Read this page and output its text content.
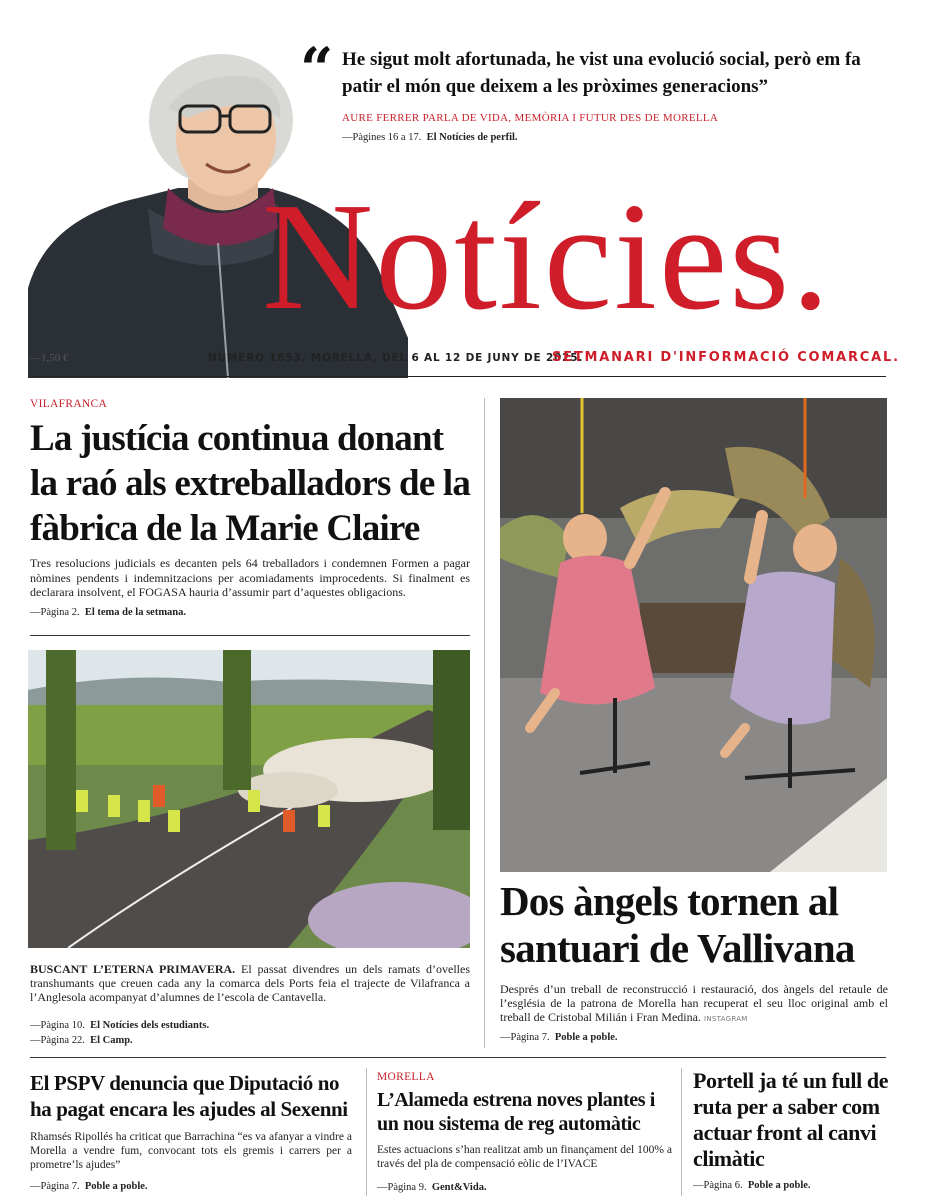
“ He sigut molt afortunada, he vist una evolució social, però em fa patir el món que deixem a les pròximes generacions”
AURE FERRER PARLA DE VIDA, MEMÒRIA I FUTUR DES DE MORELLA
—Pàgines 16 a 17. El Notícies de perfil.
Notícies.
—1,50 €	NÚMERO 1653. MORELLA, DEL 6 AL 12 DE JUNY DE 2025.
SETMANARI D'INFORMACIÓ COMARCAL.
VILAFRANCA
La justícia continua donant la raó als extreballadors de la fàbrica de la Marie Claire
Tres resolucions judicials es decanten pels 64 treballadors i condemnen Formen a pagar nòmines pendents i indemnitzacions per acomiadaments improcedents. Si finalment es declarara insolvent, el FOGASA hauria d’assumir part d’aquestes obligacions.
—Pàgina 2. El tema de la setmana.
BUSCANT L’ETERNA PRIMAVERA. El passat divendres un dels ramats d’ovelles transhumants que creuen cada any la comarca dels Ports feia el trajecte de Vilafranca a l’Anglesola acompanyat d’alumnes de l’escola de Cantavella.
—Pàgina 10. El Notícies dels estudiants.
—Pàgina 22. El Camp.
Dos àngels tornen al santuari de Vallivana
Després d’un treball de reconstrucció i restauració, dos àngels del retaule de l’església de la patrona de Morella han recuperat el seu lloc original amb el treball de Cristobal Milián i Fran Medina. INSTAGRAM
—Pàgina 7. Poble a poble.
El PSPV denuncia que Diputació no ha pagat encara les ajudes al Sexenni
Rhamsés Ripollés ha criticat que Barrachina “es va afanyar a vindre a Morella a vendre fum, convocant tots els gremis i carrers per a prometre’ls ajudes”
—Pàgina 7. Poble a poble.
MORELLA
L’Alameda estrena noves plantes i un nou sistema de reg automàtic
Estes actuacions s’han realitzat amb un finançament del 100% a través del pla de compensació eòlic de l’IVACE
—Pàgina 9. Gent&Vida.
Portell ja té un full de ruta per a saber com actuar front al canvi climàtic
—Pàgina 6. Poble a poble.
